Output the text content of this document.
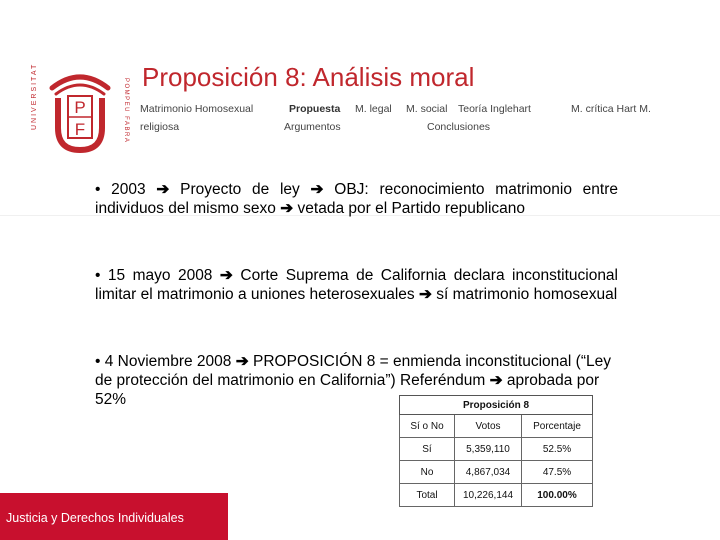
UNIVERSITAT	POMPEU FABRA
P
F
Proposición 8: Análisis moral
Matrimonio Homosexual	Propuesta M. legal M. social Teoría Inglehart	M. crítica Hart M.
religiosa	Argumentos	Conclusiones
• 2003 ➔ Proyecto de ley ➔ OBJ: reconocimiento matrimonio entre individuos del mismo sexo ➔ vetada por el Partido republicano
• 15 mayo 2008 ➔ Corte Suprema de California declara inconstitucional limitar el matrimonio a uniones heterosexuales ➔ sí matrimonio homosexual
• 4 Noviembre 2008 ➔ PROPOSICIÓN 8 = enmienda inconstitucional (“Ley de protección del matrimonio en California”) Referéndum ➔ aprobada por 52%	Proposición 8		
Sí o No	Votos	Porcentaje
Sí	5,359,110	52.5%
No	4,867,034	47.5%
Total	10,226,144	100.00%
Justicia y Derechos Individuales
